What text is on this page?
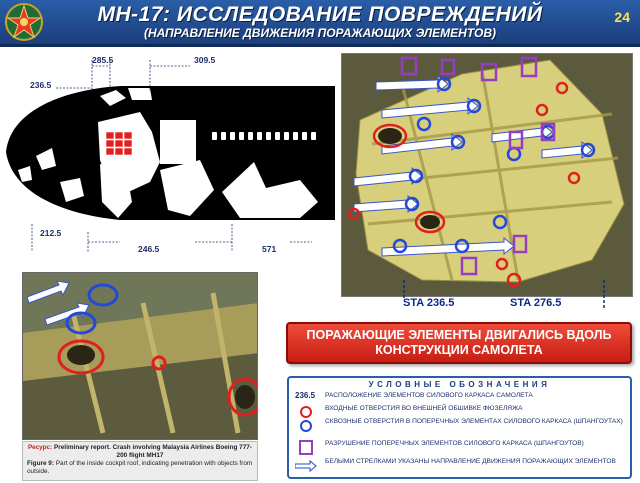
МН-17: ИССЛЕДОВАНИЕ ПОВРЕЖДЕНИЙ
(НАПРАВЛЕНИЕ ДВИЖЕНИЯ ПОРАЖАЮЩИХ ЭЛЕМЕНТОВ)
24
285.5	309.5
236.5
212.5
246.5	571
STA 236.5	STA 276.5
ПОРАЖАЮЩИЕ ЭЛЕМЕНТЫ ДВИГАЛИСЬ ВДОЛЬ
КОНСТРУКЦИИ САМОЛЕТА
Ресурс: Preliminary report. Crash involving Malaysia Airlines Boeing 777-200 flight MH17
Figure 9: Part of the inside cockpit roof, indicating penetration with objects from outside.
УСЛОВНЫЕ ОБОЗНАЧЕНИЯ
236.5 РАСПОЛОЖЕНИЕ ЭЛЕМЕНТОВ СИЛОВОГО КАРКАСА САМОЛЕТА
ВХОДНЫЕ ОТВЕРСТИЯ ВО ВНЕШНЕЙ ОБШИВКЕ ФЮЗЕЛЯЖА
СКВОЗНЫЕ ОТВЕРСТИЯ В ПОПЕРЕЧНЫХ ЭЛЕМЕНТАХ СИЛОВОГО КАРКАСА (ШПАНГОУТАХ)
РАЗРУШЕНИЕ ПОПЕРЕЧНЫХ ЭЛЕМЕНТОВ СИЛОВОГО КАРКАСА (ШПАНГОУТОВ)
БЕЛЫМИ СТРЕЛКАМИ УКАЗАНЫ НАПРАВЛЕНИЕ ДВИЖЕНИЯ ПОРАЖАЮЩИХ ЭЛЕМЕНТОВ
